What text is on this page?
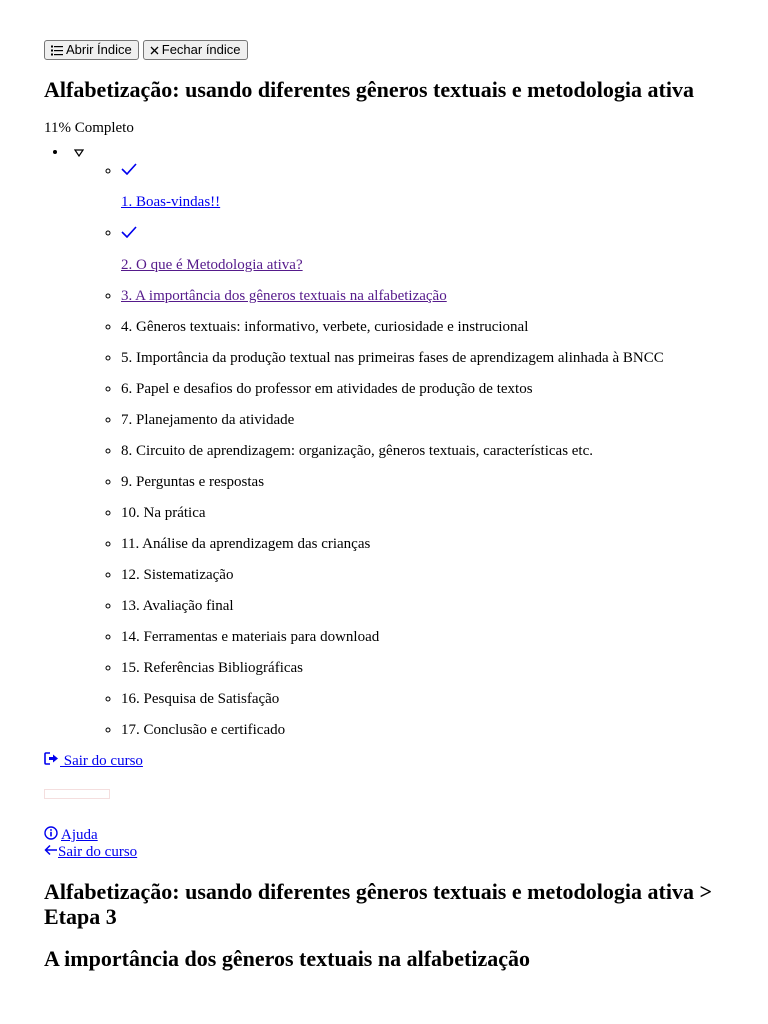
Abrir Índice Fechar índice
Alfabetização: usando diferentes gêneros textuais e metodologia ativa
11% Completo
◦ • 1. Boas-vindas!!
◦ 2. O que é Metodologia ativa?
◦ 3. A importância dos gêneros textuais na alfabetização
◦ 4. Gêneros textuais: informativo, verbete, curiosidade e instrucional
◦ 5. Importância da produção textual nas primeiras fases de aprendizagem alinhada à BNCC
◦ 6. Papel e desafios do professor em atividades de produção de textos
◦ 7. Planejamento da atividade
◦ 8. Circuito de aprendizagem: organização, gêneros textuais, características etc.
◦ 9. Perguntas e respostas
◦ 10. Na prática
◦ 11. Análise da aprendizagem das crianças
◦ 12. Sistematização
◦ 13. Avaliação final
◦ 14. Ferramentas e materiais para download
◦ 15. Referências Bibliográficas
◦ 16. Pesquisa de Satisfação
◦ 17. Conclusão e certificado
Sair do curso
Ajuda
Sair do curso
Alfabetização: usando diferentes gêneros textuais e metodologia ativa > Etapa 3
A importância dos gêneros textuais na alfabetização
